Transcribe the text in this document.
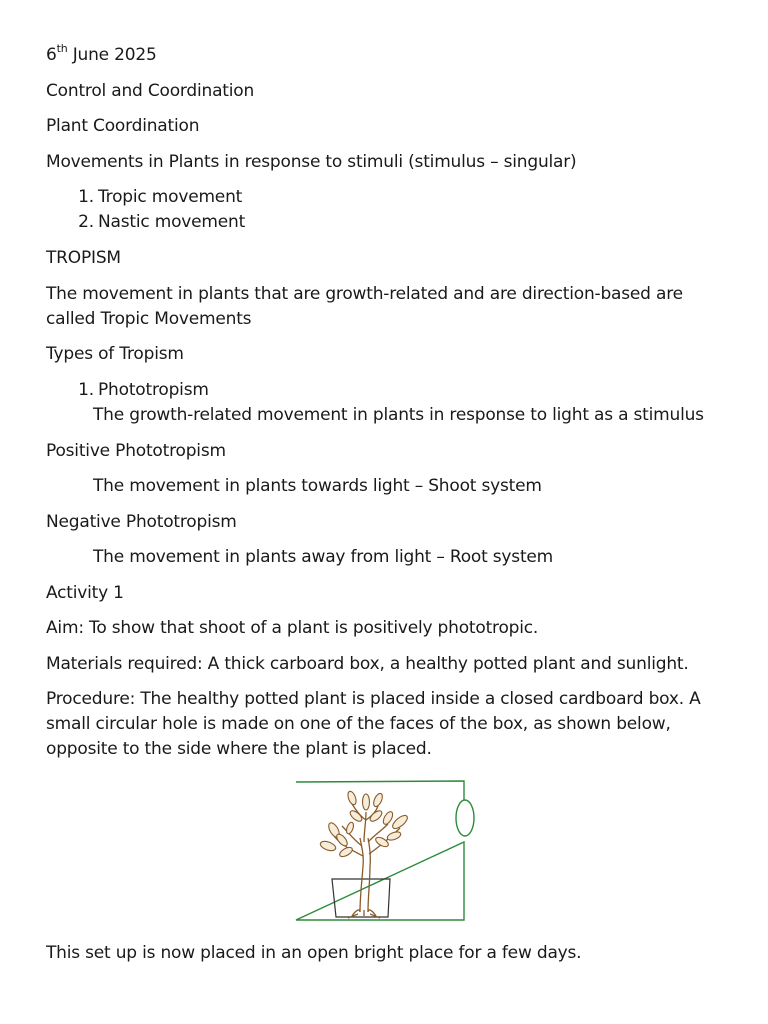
6th June 2025
Control and Coordination
Plant Coordination
Movements in Plants in response to stimuli (stimulus – singular)
1. Tropic movement
2. Nastic movement
TROPISM
The movement in plants that are growth-related and are direction-based are called Tropic Movements
Types of Tropism
1. Phototropism
The growth-related movement in plants in response to light as a stimulus
Positive Phototropism
The movement in plants towards light – Shoot system
Negative Phototropism
The movement in plants away from light – Root system
Activity 1
Aim: To show that shoot of a plant is positively phototropic.
Materials required: A thick carboard box, a healthy potted plant and sunlight.
Procedure: The healthy potted plant is placed inside a closed cardboard box. A small circular hole is made on one of the faces of the box, as shown below, opposite to the side where the plant is placed.
This set up is now placed in an open bright place for a few days.
